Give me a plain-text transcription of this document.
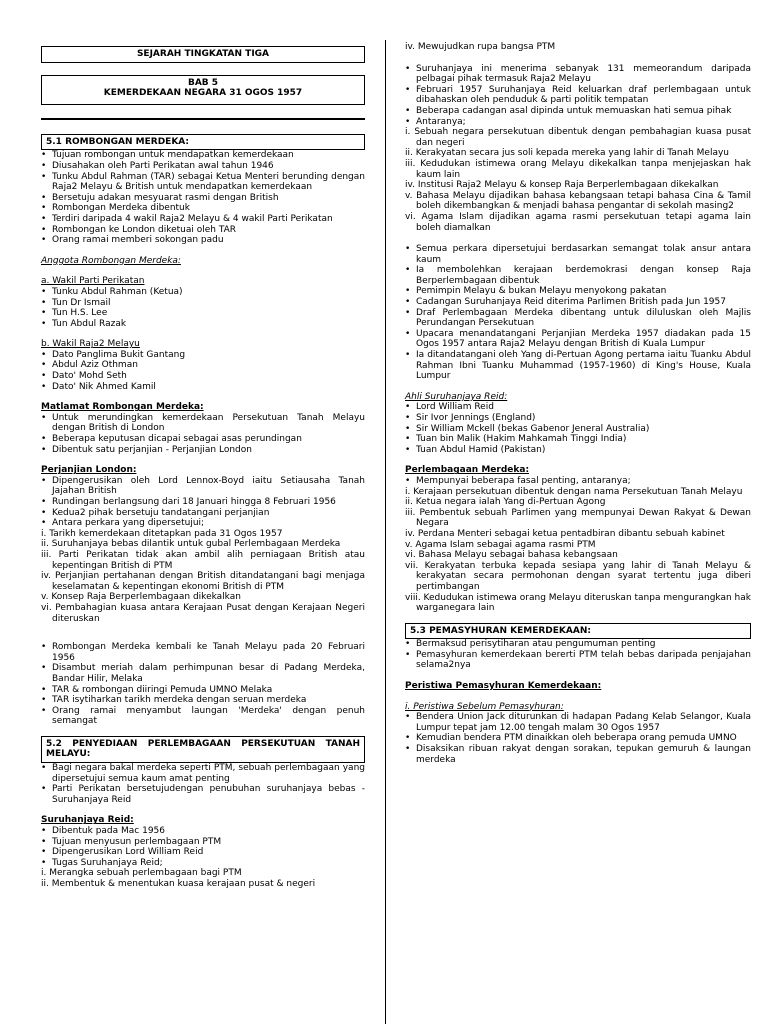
SEJARAH TINGKATAN TIGA
BAB 5
KEMERDEKAAN NEGARA 31 OGOS 1957
5.1 ROMBONGAN MERDEKA:
• Tujuan rombongan untuk mendapatkan kemerdekaan
• Diusahakan oleh Parti Perikatan awal tahun 1946
• Tunku Abdul Rahman (TAR) sebagai Ketua Menteri berunding dengan Raja2 Melayu & British untuk mendapatkan kemerdekaan
• Bersetuju adakan mesyuarat rasmi dengan British
• Rombongan Merdeka dibentuk
• Terdiri daripada 4 wakil Raja2 Melayu & 4 wakil Parti Perikatan
• Rombongan ke London diketuai oleh TAR
• Orang ramai memberi sokongan padu
Anggota Rombongan Merdeka:
a. Wakil Parti Perikatan
• Tunku Abdul Rahman (Ketua)
• Tun Dr Ismail
• Tun H.S. Lee
• Tun Abdul Razak
b. Wakil Raja2 Melayu
• Dato Panglima Bukit Gantang
• Abdul Aziz Othman
• Dato' Mohd Seth
• Dato' Nik Ahmed Kamil
Matlamat Rombongan Merdeka:
• Untuk merundingkan kemerdekaan Persekutuan Tanah Melayu dengan British di London
• Beberapa keputusan dicapai sebagai asas perundingan
• Dibentuk satu perjanjian - Perjanjian London
Perjanjian London:
• Dipengerusikan oleh Lord Lennox-Boyd iaitu Setiausaha Tanah Jajahan British
• Rundingan berlangsung dari 18 Januari hingga 8 Februari 1956
• Kedua2 pihak bersetuju tandatangani perjanjian
• Antara perkara yang dipersetujui;
i. Tarikh kemerdekaan ditetapkan pada 31 Ogos 1957
ii. Suruhanjaya bebas dilantik untuk gubal Perlembagaan Merdeka
iii. Parti Perikatan tidak akan ambil alih perniagaan British atau kepentingan British di PTM
iv. Perjanjian pertahanan dengan British ditandatangani bagi menjaga keselamatan & kepentingan ekonomi British di PTM
v. Konsep Raja Berperlembagaan dikekalkan
vi. Pembahagian kuasa antara Kerajaan Pusat dengan Kerajaan Negeri diteruskan
• Rombongan Merdeka kembali ke Tanah Melayu pada 20 Februari 1956
• Disambut meriah dalam perhimpunan besar di Padang Merdeka, Bandar Hilir, Melaka
• TAR & rombongan diiringi Pemuda UMNO Melaka
• TAR isytiharkan tarikh merdeka dengan seruan merdeka
• Orang ramai menyambut laungan 'Merdeka' dengan penuh semangat
5.2 PENYEDIAAN PERLEMBAGAAN PERSEKUTUAN TANAH MELAYU:
• Bagi negara bakal merdeka seperti PTM, sebuah perlembagaan yang dipersetujui semua kaum amat penting
• Parti Perikatan bersetujudengan penubuhan suruhanjaya bebas - Suruhanjaya Reid
Suruhanjaya Reid:
• Dibentuk pada Mac 1956
• Tujuan menyusun perlembagaan PTM
• Dipengerusikan Lord William Reid
• Tugas Suruhanjaya Reid;
i. Merangka sebuah perlembagaan bagi PTM
ii. Membentuk & menentukan kuasa kerajaan pusat & negeri
iv. Mewujudkan rupa bangsa PTM
• Suruhanjaya ini menerima sebanyak 131 memeorandum daripada pelbagai pihak termasuk Raja2 Melayu
• Februari 1957 Suruhanjaya Reid keluarkan draf perlembagaan untuk dibahaskan oleh penduduk & parti politik tempatan
• Beberapa cadangan asal dipinda untuk memuaskan hati semua pihak
• Antaranya;
i. Sebuah negara persekutuan dibentuk dengan pembahagian kuasa pusat dan negeri
ii. Kerakyatan secara jus soli kepada mereka yang lahir di Tanah Melayu
iii. Kedudukan istimewa orang Melayu dikekalkan tanpa menjejaskan hak kaum lain
iv. Institusi Raja2 Melayu & konsep Raja Berperlembagaan dikekalkan
v. Bahasa Melayu dijadikan bahasa kebangsaan tetapi bahasa Cina & Tamil boleh dikembangkan & menjadi bahasa pengantar di sekolah masing2
vi. Agama Islam dijadikan agama rasmi persekutuan tetapi agama lain boleh diamalkan
• Semua perkara dipersetujui berdasarkan semangat tolak ansur antara kaum
• Ia membolehkan kerajaan berdemokrasi dengan konsep Raja Berperlembagaan dibentuk
• Pemimpin Melayu & bukan Melayu menyokong pakatan
• Cadangan Suruhanjaya Reid diterima Parlimen British pada Jun 1957
• Draf Perlembagaan Merdeka dibentang untuk diluluskan oleh Majlis Perundangan Persekutuan
• Upacara menandatangani Perjanjian Merdeka 1957 diadakan pada 15 Ogos 1957 antara Raja2 Melayu dengan British di Kuala Lumpur
• Ia ditandatangani oleh Yang di-Pertuan Agong pertama iaitu Tuanku Abdul Rahman Ibni Tuanku Muhammad (1957-1960) di King's House, Kuala Lumpur
Ahli Suruhanjaya Reid:
• Lord William Reid
• Sir Ivor Jennings (England)
• Sir William Mckell (bekas Gabenor Jeneral Australia)
• Tuan bin Malik (Hakim Mahkamah Tinggi India)
• Tuan Abdul Hamid (Pakistan)
Perlembagaan Merdeka:
• Mempunyai beberapa fasal penting, antaranya;
i. Kerajaan persekutuan dibentuk dengan nama Persekutuan Tanah Melayu
ii. Ketua negara ialah Yang di-Pertuan Agong
iii. Pembentuk sebuah Parlimen yang mempunyai Dewan Rakyat & Dewan Negara
iv. Perdana Menteri sebagai ketua pentadbiran dibantu sebuah kabinet
v. Agama Islam sebagai agama rasmi PTM
vi. Bahasa Melayu sebagai bahasa kebangsaan
vii. Kerakyatan terbuka kepada sesiapa yang lahir di Tanah Melayu & kerakyatan secara permohonan dengan syarat tertentu juga diberi pertimbangan
viii. Kedudukan istimewa orang Melayu diteruskan tanpa mengurangkan hak warganegara lain
5.3 PEMASYHURAN KEMERDEKAAN:
• Bermaksud perisytiharan atau pengumuman penting
• Pemasyhuran kemerdekaan bererti PTM telah bebas daripada penjajahan selama2nya
Peristiwa Pemasyhuran Kemerdekaan:
i. Peristiwa Sebelum Pemasyhuran:
• Bendera Union Jack diturunkan di hadapan Padang Kelab Selangor, Kuala Lumpur tepat jam 12.00 tengah malam 30 Ogos 1957
• Kemudian bendera PTM dinaikkan oleh beberapa orang pemuda UMNO
• Disaksikan ribuan rakyat dengan sorakan, tepukan gemuruh & laungan merdeka
